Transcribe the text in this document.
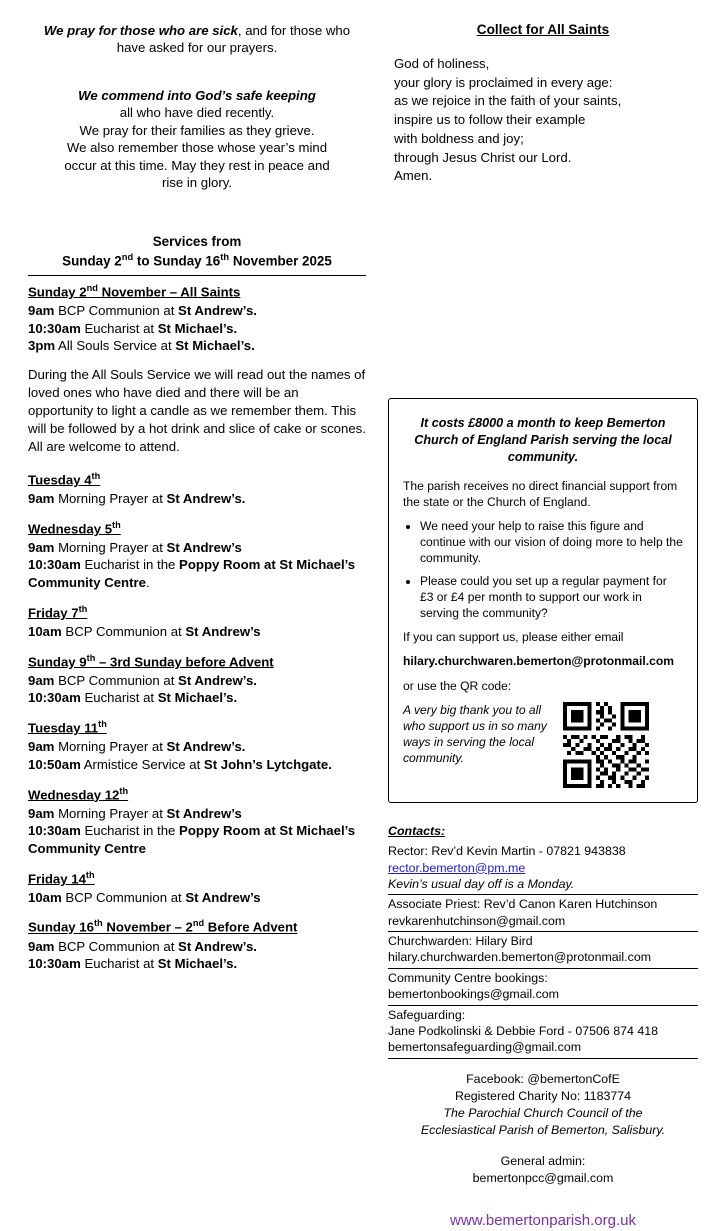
We pray for those who are sick, and for those who have asked for our prayers.
We commend into God’s safe keeping
all who have died recently.
We pray for their families as they grieve.
We also remember those whose year’s mind
occur at this time. May they rest in peace and
rise in glory.
Services from
Sunday 2nd to Sunday 16th November 2025
Sunday 2nd November – All Saints
9am BCP Communion at St Andrew’s.
10:30am Eucharist at St Michael’s.
3pm All Souls Service at St Michael’s.
During the All Souls Service we will read out the names of loved ones who have died and there will be an opportunity to light a candle as we remember them. This will be followed by a hot drink and slice of cake or scones. All are welcome to attend.
Tuesday 4th
9am Morning Prayer at St Andrew’s.
Wednesday 5th
9am Morning Prayer at St Andrew’s
10:30am Eucharist in the Poppy Room at St Michael’s Community Centre.
Friday 7th
10am BCP Communion at St Andrew’s
Sunday 9th – 3rd Sunday before Advent
9am BCP Communion at St Andrew’s.
10:30am Eucharist at St Michael’s.
Tuesday 11th
9am Morning Prayer at St Andrew’s.
10:50am Armistice Service at St John’s Lytchgate.
Wednesday 12th
9am Morning Prayer at St Andrew’s
10:30am Eucharist in the Poppy Room at St Michael’s Community Centre
Friday 14th
10am BCP Communion at St Andrew’s
Sunday 16th November – 2nd Before Advent
9am BCP Communion at St Andrew’s.
10:30am Eucharist at St Michael’s.
Collect for All Saints
God of holiness,
your glory is proclaimed in every age:
as we rejoice in the faith of your saints,
inspire us to follow their example
with boldness and joy;
through Jesus Christ our Lord.
Amen.
It costs £8000 a month to keep Bemerton Church of England Parish serving the local community.

The parish receives no direct financial support from the state or the Church of England.

• We need your help to raise this figure and continue with our vision of doing more to help the community.
• Please could you set up a regular payment for £3 or £4 per month to support our work in serving the community?

If you can support us, please either email

hilary.churchwaren.bemerton@protonmail.com

or use the QR code:

A very big thank you to all who support us in so many ways in serving the local community.
Contacts:
Rector: Rev’d Kevin Martin - 07821 943838
rector.bemerton@pm.me
Kevin’s usual day off is a Monday.
Associate Priest: Rev’d Canon Karen Hutchinson
revkarenhutchinson@gmail.com
Churchwarden: Hilary Bird
hilary.churchwarden.bemerton@protonmail.com
Community Centre bookings:
bemertonbookings@gmail.com
Safeguarding:
Jane Podkolinski & Debbie Ford - 07506 874 418
bemertonsafeguarding@gmail.com
Facebook: @bemertonCofE
Registered Charity No: 1183774
The Parochial Church Council of the
Ecclesiastical Parish of Bemerton, Salisbury.
General admin:
bemertonpcc@gmail.com
www.bemertonparish.org.uk
